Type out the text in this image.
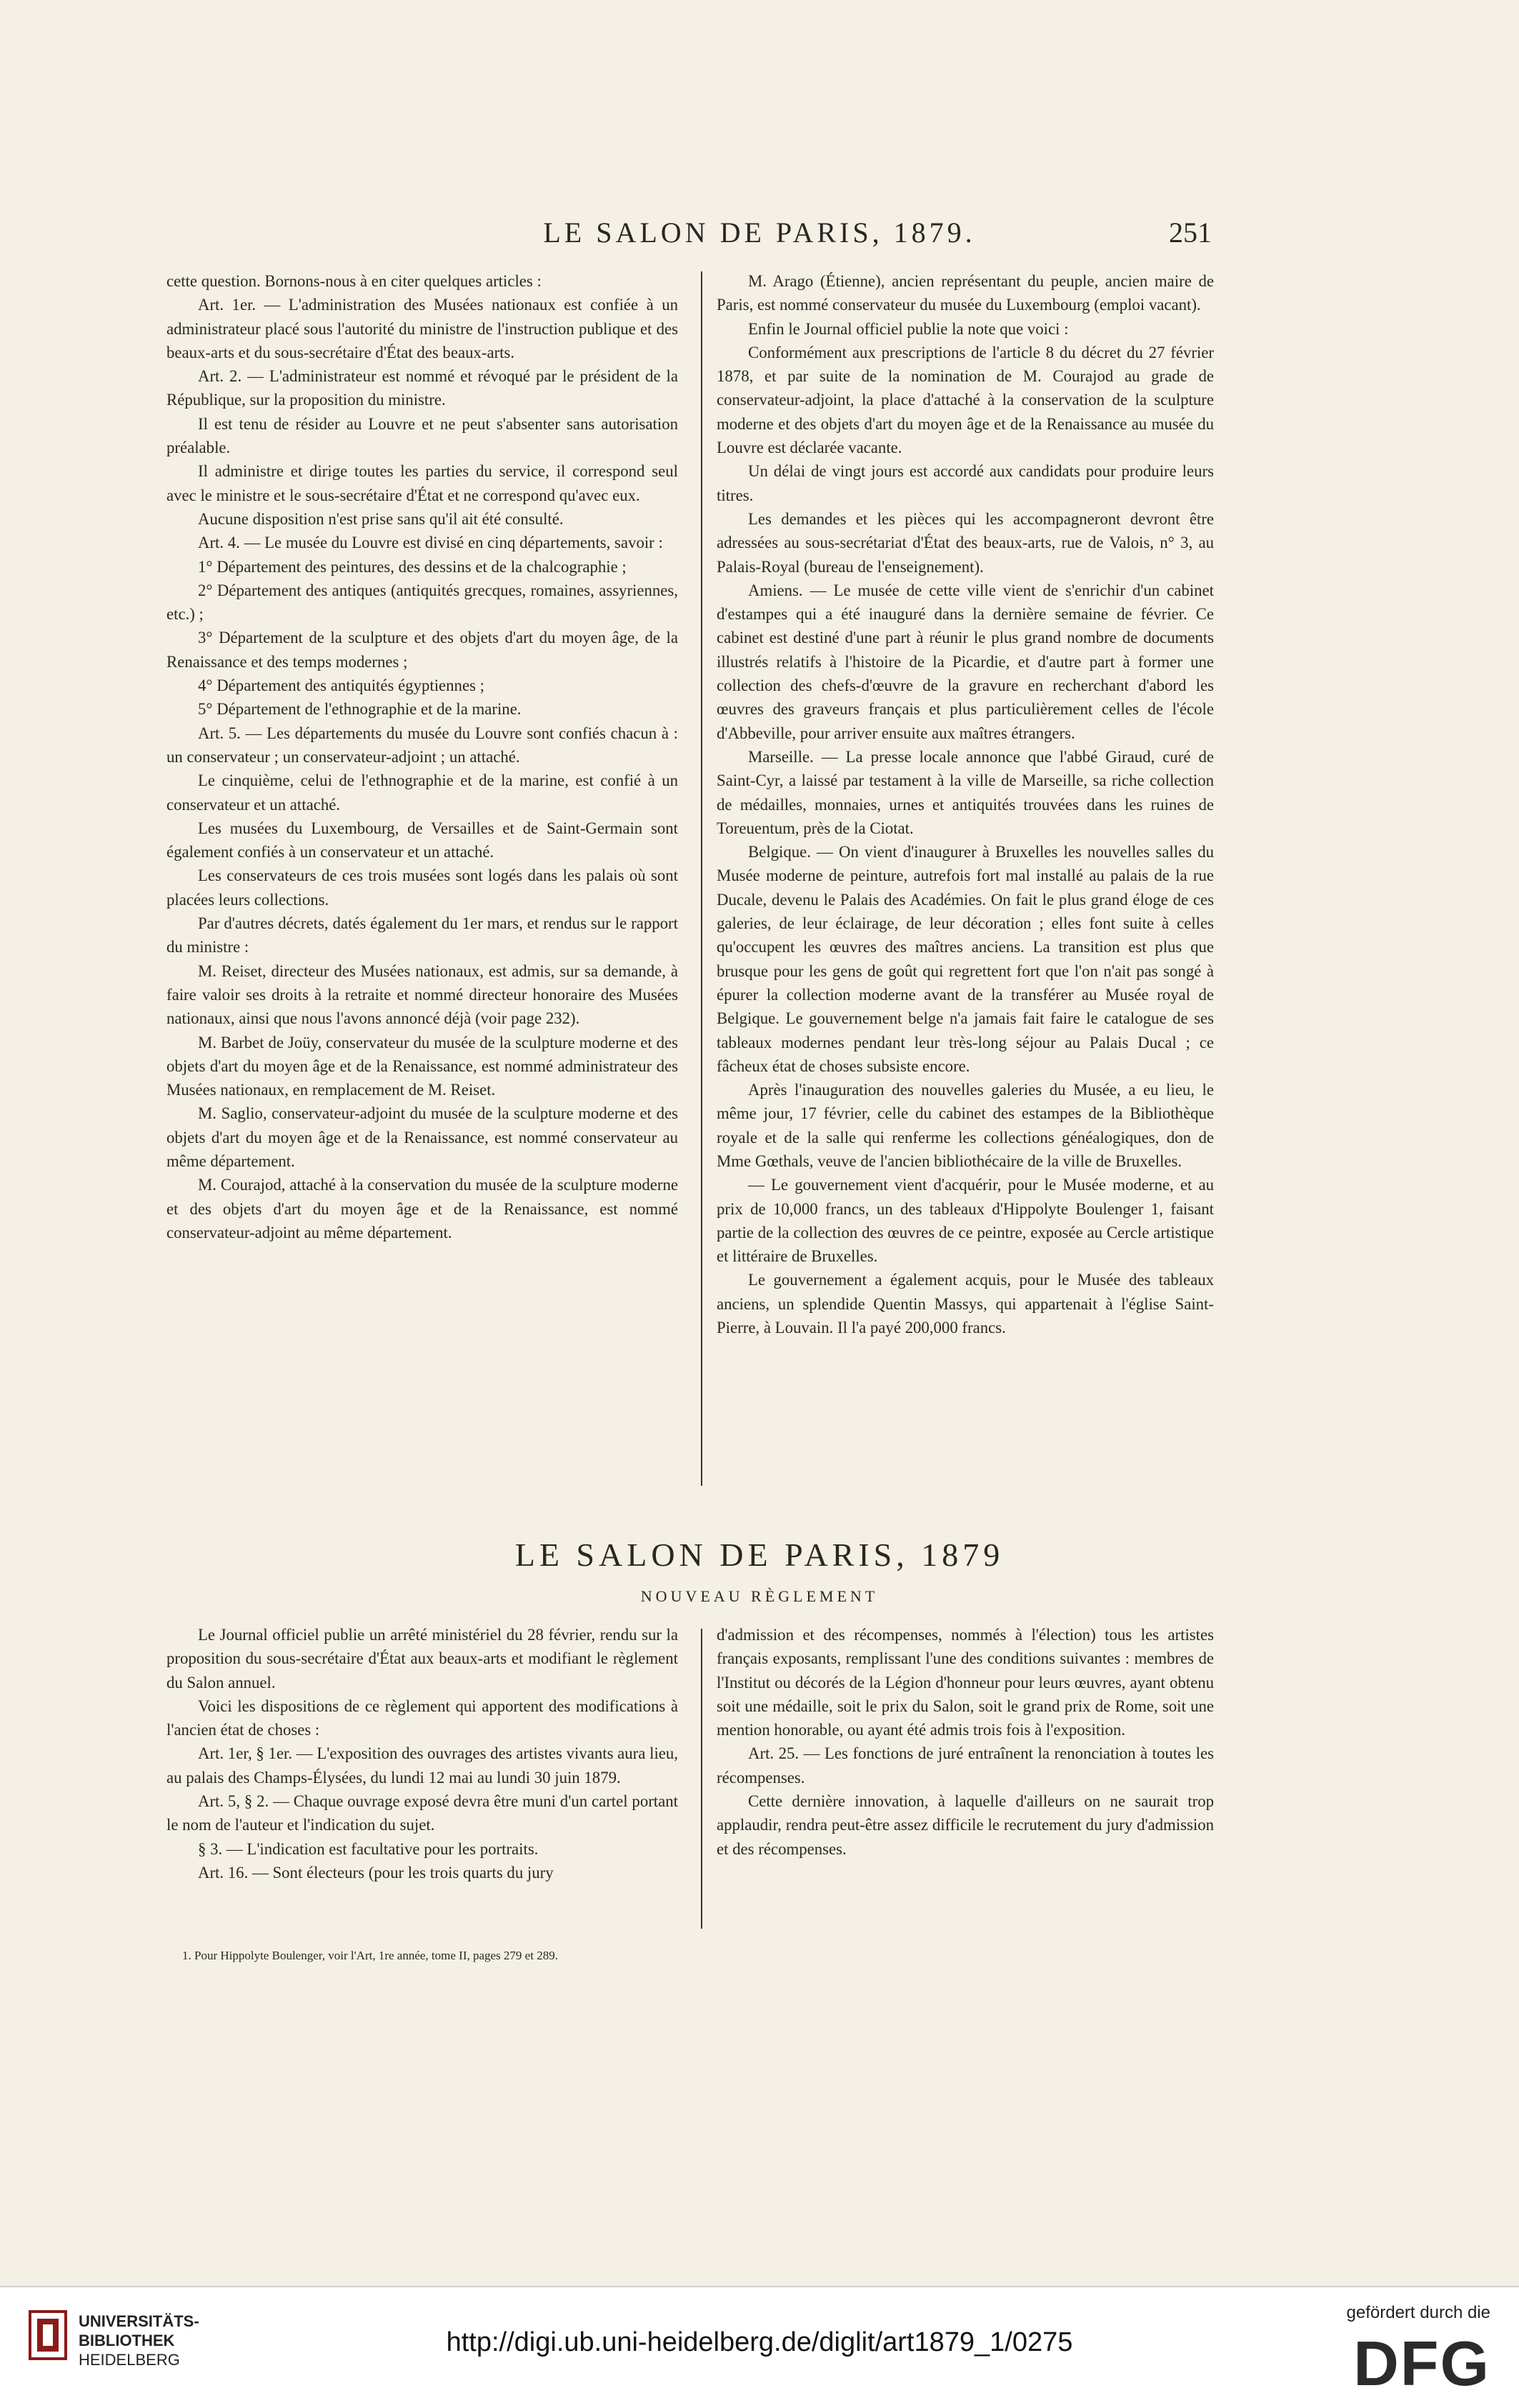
LE SALON DE PARIS, 1879.	251

cette question. Bornons-nous à en citer quelques articles :

Art. 1er. — L'administration des Musées nationaux est confiée à un administrateur placé sous l'autorité du ministre de l'instruction publique et des beaux-arts et du sous-secrétaire d'État des beaux-arts.

Art. 2. — L'administrateur est nommé et révoqué par le président de la République, sur la proposition du ministre.

Il est tenu de résider au Louvre et ne peut s'absenter sans autorisation préalable.

Il administre et dirige toutes les parties du service, il correspond seul avec le ministre et le sous-secrétaire d'État et ne correspond qu'avec eux.

Aucune disposition n'est prise sans qu'il ait été consulté.

Art. 4. — Le musée du Louvre est divisé en cinq départements, savoir :

1° Département des peintures, des dessins et de la chalcographie ;

2° Département des antiques (antiquités grecques, romaines, assyriennes, etc.) ;

3° Département de la sculpture et des objets d'art du moyen âge, de la Renaissance et des temps modernes ;

4° Département des antiquités égyptiennes ;

5° Département de l'ethnographie et de la marine.

Art. 5. — Les départements du musée du Louvre sont confiés chacun à : un conservateur ; un conservateur-adjoint ; un attaché.

Le cinquième, celui de l'ethnographie et de la marine, est confié à un conservateur et un attaché.

Les musées du Luxembourg, de Versailles et de Saint-Germain sont également confiés à un conservateur et un attaché.

Les conservateurs de ces trois musées sont logés dans les palais où sont placées leurs collections.

Par d'autres décrets, datés également du 1er mars, et rendus sur le rapport du ministre :

M. Reiset, directeur des Musées nationaux, est admis, sur sa demande, à faire valoir ses droits à la retraite et nommé directeur honoraire des Musées nationaux, ainsi que nous l'avons annoncé déjà (voir page 232).

M. Barbet de Joüy, conservateur du musée de la sculpture moderne et des objets d'art du moyen âge et de la Renaissance, est nommé administrateur des Musées nationaux, en remplacement de M. Reiset.

M. Saglio, conservateur-adjoint du musée de la sculpture moderne et des objets d'art du moyen âge et de la Renaissance, est nommé conservateur au même département.

M. Courajod, attaché à la conservation du musée de la sculpture moderne et des objets d'art du moyen âge et de la Renaissance, est nommé conservateur-adjoint au même département.

M. Arago (Étienne), ancien représentant du peuple, ancien maire de Paris, est nommé conservateur du musée du Luxembourg (emploi vacant).

Enfin le Journal officiel publie la note que voici :

Conformément aux prescriptions de l'article 8 du décret du 27 février 1878, et par suite de la nomination de M. Courajod au grade de conservateur-adjoint, la place d'attaché à la conservation de la sculpture moderne et des objets d'art du moyen âge et de la Renaissance au musée du Louvre est déclarée vacante.

Un délai de vingt jours est accordé aux candidats pour produire leurs titres.

Les demandes et les pièces qui les accompagneront devront être adressées au sous-secrétariat d'État des beaux-arts, rue de Valois, n° 3, au Palais-Royal (bureau de l'enseignement).

Amiens. — Le musée de cette ville vient de s'enrichir d'un cabinet d'estampes qui a été inauguré dans la dernière semaine de février. Ce cabinet est destiné d'une part à réunir le plus grand nombre de documents illustrés relatifs à l'histoire de la Picardie, et d'autre part à former une collection des chefs-d'œuvre de la gravure en recherchant d'abord les œuvres des graveurs français et plus particulièrement celles de l'école d'Abbeville, pour arriver ensuite aux maîtres étrangers.

Marseille. — La presse locale annonce que l'abbé Giraud, curé de Saint-Cyr, a laissé par testament à la ville de Marseille, sa riche collection de médailles, monnaies, urnes et antiquités trouvées dans les ruines de Toreuentum, près de la Ciotat.

Belgique. — On vient d'inaugurer à Bruxelles les nouvelles salles du Musée moderne de peinture, autrefois fort mal installé au palais de la rue Ducale, devenu le Palais des Académies. On fait le plus grand éloge de ces galeries, de leur éclairage, de leur décoration ; elles font suite à celles qu'occupent les œuvres des maîtres anciens. La transition est plus que brusque pour les gens de goût qui regrettent fort que l'on n'ait pas songé à épurer la collection moderne avant de la transférer au Musée royal de Belgique. Le gouvernement belge n'a jamais fait faire le catalogue de ses tableaux modernes pendant leur très-long séjour au Palais Ducal ; ce fâcheux état de choses subsiste encore.

Après l'inauguration des nouvelles galeries du Musée, a eu lieu, le même jour, 17 février, celle du cabinet des estampes de la Bibliothèque royale et de la salle qui renferme les collections généalogiques, don de Mme Gœthals, veuve de l'ancien bibliothécaire de la ville de Bruxelles.

— Le gouvernement vient d'acquérir, pour le Musée moderne, et au prix de 10,000 francs, un des tableaux d'Hippolyte Boulenger 1, faisant partie de la collection des œuvres de ce peintre, exposée au Cercle artistique et littéraire de Bruxelles.

Le gouvernement a également acquis, pour le Musée des tableaux anciens, un splendide Quentin Massys, qui appartenait à l'église Saint-Pierre, à Louvain. Il l'a payé 200,000 francs.

LE SALON DE PARIS, 1879
NOUVEAU RÈGLEMENT

Le Journal officiel publie un arrêté ministériel du 28 février, rendu sur la proposition du sous-secrétaire d'État aux beaux-arts et modifiant le règlement du Salon annuel.

Voici les dispositions de ce règlement qui apportent des modifications à l'ancien état de choses :

Art. 1er, § 1er. — L'exposition des ouvrages des artistes vivants aura lieu, au palais des Champs-Élysées, du lundi 12 mai au lundi 30 juin 1879.

Art. 5, § 2. — Chaque ouvrage exposé devra être muni d'un cartel portant le nom de l'auteur et l'indication du sujet.

§ 3. — L'indication est facultative pour les portraits.

Art. 16. — Sont électeurs (pour les trois quarts du jury

d'admission et des récompenses, nommés à l'élection) tous les artistes français exposants, remplissant l'une des conditions suivantes : membres de l'Institut ou décorés de la Légion d'honneur pour leurs œuvres, ayant obtenu soit une médaille, soit le prix du Salon, soit le grand prix de Rome, soit une mention honorable, ou ayant été admis trois fois à l'exposition.

Art. 25. — Les fonctions de juré entraînent la renonciation à toutes les récompenses.

Cette dernière innovation, à laquelle d'ailleurs on ne saurait trop applaudir, rendra peut-être assez difficile le recrutement du jury d'admission et des récompenses.

1. Pour Hippolyte Boulenger, voir l'Art, 1re année, tome II, pages 279 et 289.
UNIVERSITÄTS-
BIBLIOTHEK
HEIDELBERG
http://digi.ub.uni-heidelberg.de/diglit/art1879_1/0275
gefördert durch die
DFG
